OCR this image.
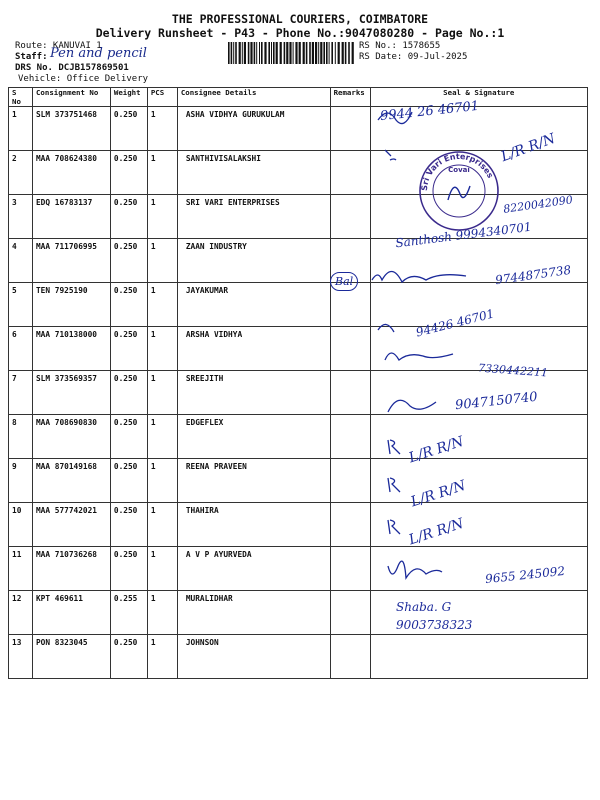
THE PROFESSIONAL COURIERS, COIMBATORE
Delivery Runsheet - P43 - Phone No.:9047080280 - Page No.:1
Route: KANUVAI 1
Staff: Pen and pencil
DRS No. DCJB157869501
Vehicle: Office Delivery
RS No.: 1578655
RS Date: 09-Jul-2025
S No	Consignment No	Weight	PCS	Consignee Details	Remarks	Seal & Signature
1	SLM 373751468	0.250	1	ASHA VIDHYA GURUKULAM		
2	MAA 708624380	0.250	1	SANTHIVISALAKSHI		
3	EDQ 16783137	0.250	1	SRI VARI ENTERPRISES		
4	MAA 711706995	0.250	1	ZAAN INDUSTRY		
5	TEN 7925190	0.250	1	JAYAKUMAR		
6	MAA 710138000	0.250	1	ARSHA VIDHYA		
7	SLM 373569357	0.250	1	SREEJITH		
8	MAA 708690830	0.250	1	EDGEFLEX		
9	MAA 870149168	0.250	1	REENA PRAVEEN		
10	MAA 577742021	0.250	1	THAHIRA		
11	MAA 710736268	0.250	1	A V P AYURVEDA		
12	KPT 469611	0.255	1	MURALIDHAR		
13	PON 8323045	0.250	1	JOHNSON		
9944 26 46701
L/R R/N
8220042090
Santhosh 9994340701
Bal	9744875738
94426 46701
7330442211
9047150740
L/R R/N
L/R R/N
L/R R/N
9655 245092
Shaba. G
9003738323
Sri Vari Enterprises
Covai
